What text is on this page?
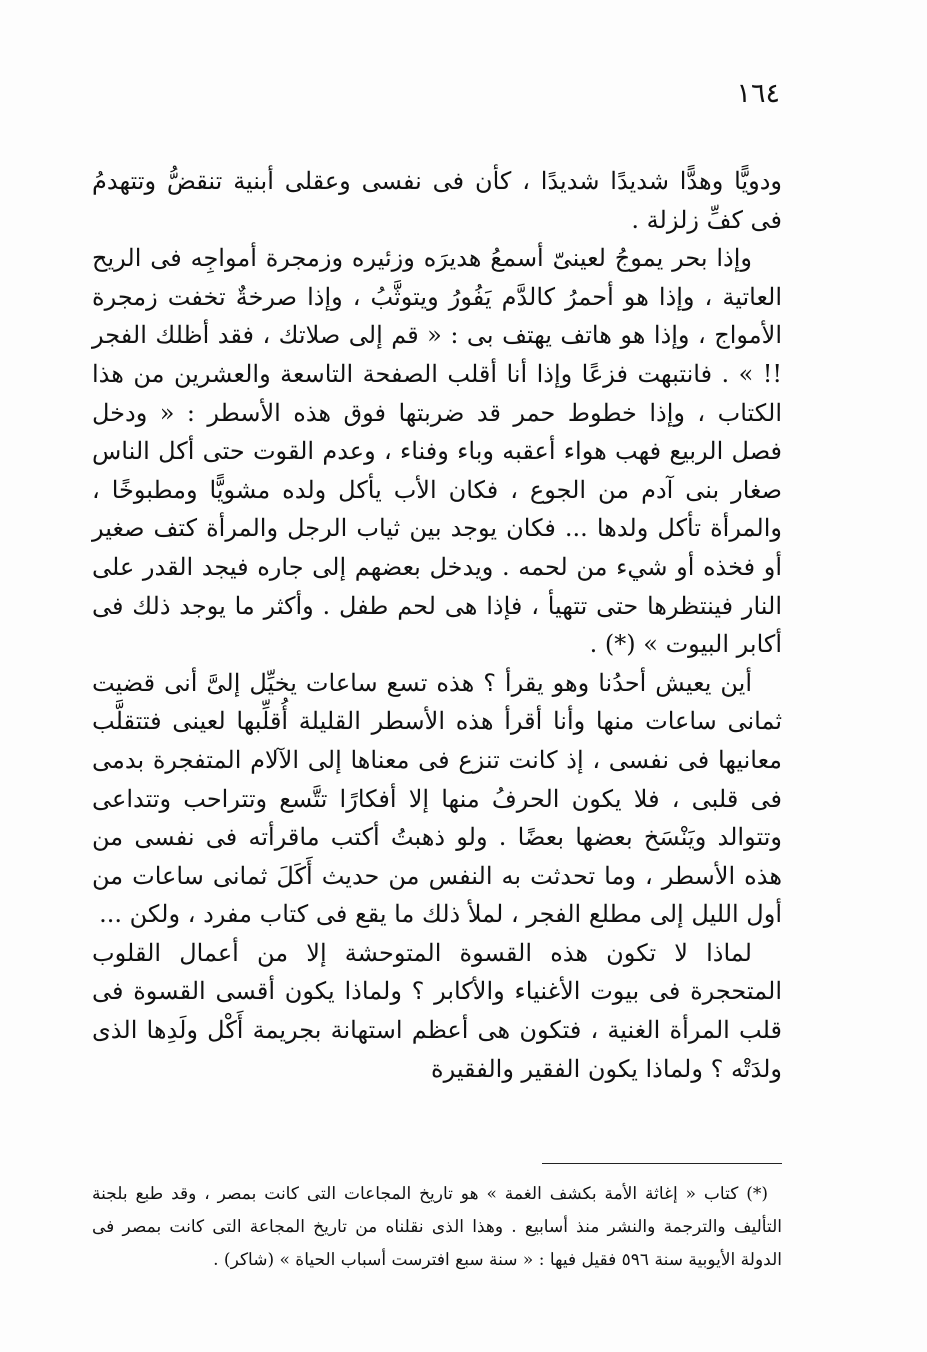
١٦٤

ودويًّا وهدًّا شديدًا شديدًا ، كأن فى نفسى وعقلى أبنية تنقضُّ وتتهدمُ فى كفِّ زلزلة .

وإذا بحر يموجُ لعينىّ أسمعُ هديرَه وزئيره وزمجرة أمواجِه فى الريح العاتية ، وإذا هو أحمرُ كالدَّم يَفُورُ ويتوثَّبُ ، وإذا صرخةٌ تخفت زمجرة الأمواج ، وإذا هو هاتف يهتف بى : « قم إلى صلاتك ، فقد أظلك الفجر !! » . فانتبهت فزعًا وإذا أنا أقلب الصفحة التاسعة والعشرين من هذا الكتاب ، وإذا خطوط حمر قد ضربتها فوق هذه الأسطر : « ودخل فصل الربيع فهب هواء أعقبه وباء وفناء ، وعدم القوت حتى أكل الناس صغار بنى آدم من الجوع ، فكان الأب يأكل ولده مشويًّا ومطبوخًا ، والمرأة تأكل ولدها ... فكان يوجد بين ثياب الرجل والمرأة كتف صغير أو فخذه أو شيء من لحمه . ويدخل بعضهم إلى جاره فيجد القدر على النار فينتظرها حتى تتهيأ ، فإذا هى لحم طفل . وأكثر ما يوجد ذلك فى أكابر البيوت » (*) .

أين يعيش أحدُنا وهو يقرأ ؟ هذه تسع ساعات يخيِّل إلىَّ أنى قضيت ثمانى ساعات منها وأنا أقرأ هذه الأسطر القليلة أُقلِّبها لعينى فتتقلَّب معانيها فى نفسى ، إذ كانت تنزع فى معناها إلى الآلام المتفجرة بدمى فى قلبى ، فلا يكون الحرفُ منها إلا أفكارًا تتَّسع وتتراحب وتتداعى وتتوالد ويَنْسَخ بعضها بعضًا . ولو ذهبتُ أكتب ماقرأته فى نفسى من هذه الأسطر ، وما تحدثت به النفس من حديث أَكَلَ ثمانى ساعات من أول الليل إلى مطلع الفجر ، لملأ ذلك ما يقع فى كتاب مفرد ، ولكن ...

لماذا لا تكون هذه القسوة المتوحشة إلا من أعمال القلوب المتحجرة فى بيوت الأغنياء والأكابر ؟ ولماذا يكون أقسى القسوة فى قلب المرأة الغنية ، فتكون هى أعظم استهانة بجريمة أَكْل ولَدِها الذى ولدَتْه ؟ ولماذا يكون الفقير والفقيرة

(*) كتاب « إغاثة الأمة بكشف الغمة » هو تاريخ المجاعات التى كانت بمصر ، وقد طبع بلجنة التأليف والترجمة والنشر منذ أسابيع . وهذا الذى نقلناه من تاريخ المجاعة التى كانت بمصر فى الدولة الأيوبية سنة ٥٩٦ فقيل فيها : « سنة سبع افترست أسباب الحياة » (شاكر) .
